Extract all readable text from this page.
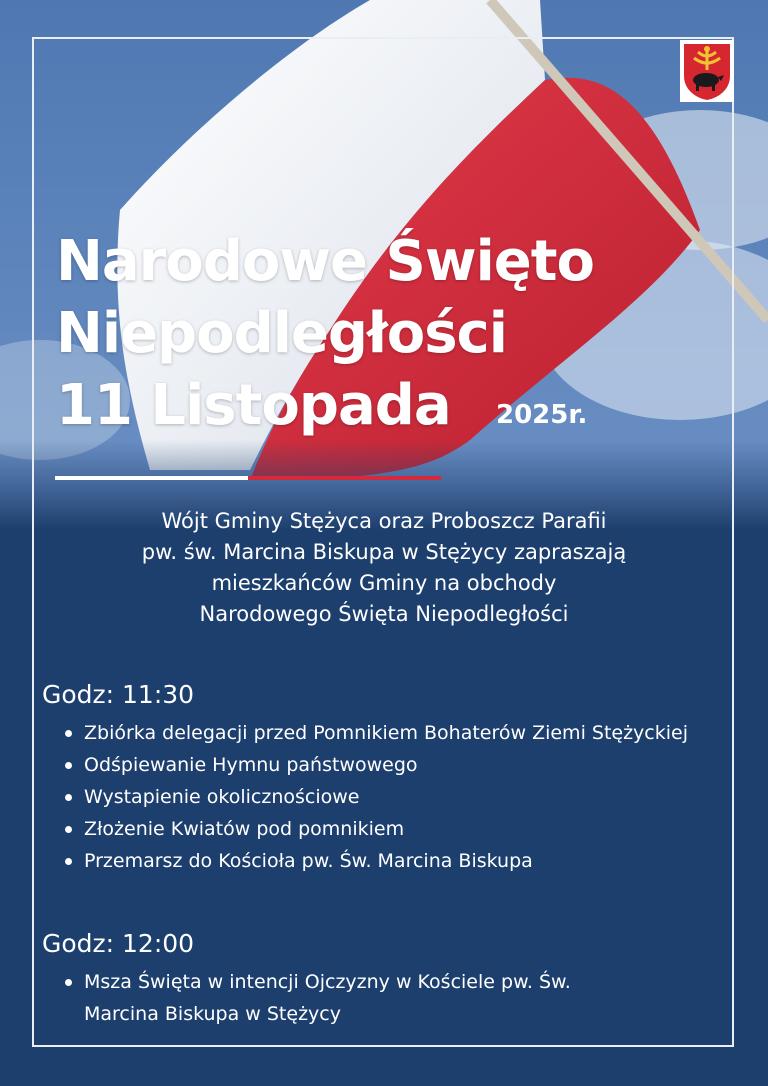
Narodowe Święto
Niepodległości
11 Listopada	2025r.
Wójt Gminy Stężyca oraz Proboszcz Parafii
pw. św. Marcina Biskupa w Stężycy zapraszają
mieszkańców Gminy na obchody
Narodowego Święta Niepodległości
Godz: 11:30
Zbiórka delegacji przed Pomnikiem Bohaterów Ziemi Stężyckiej
Odśpiewanie Hymnu państwowego
Wystapienie okolicznościowe
Złożenie Kwiatów pod pomnikiem
Przemarsz do Kościoła pw. Św. Marcina Biskupa
Godz: 12:00
Msza Święta w intencji Ojczyzny w Kościele pw. Św. Marcina Biskupa w Stężycy
